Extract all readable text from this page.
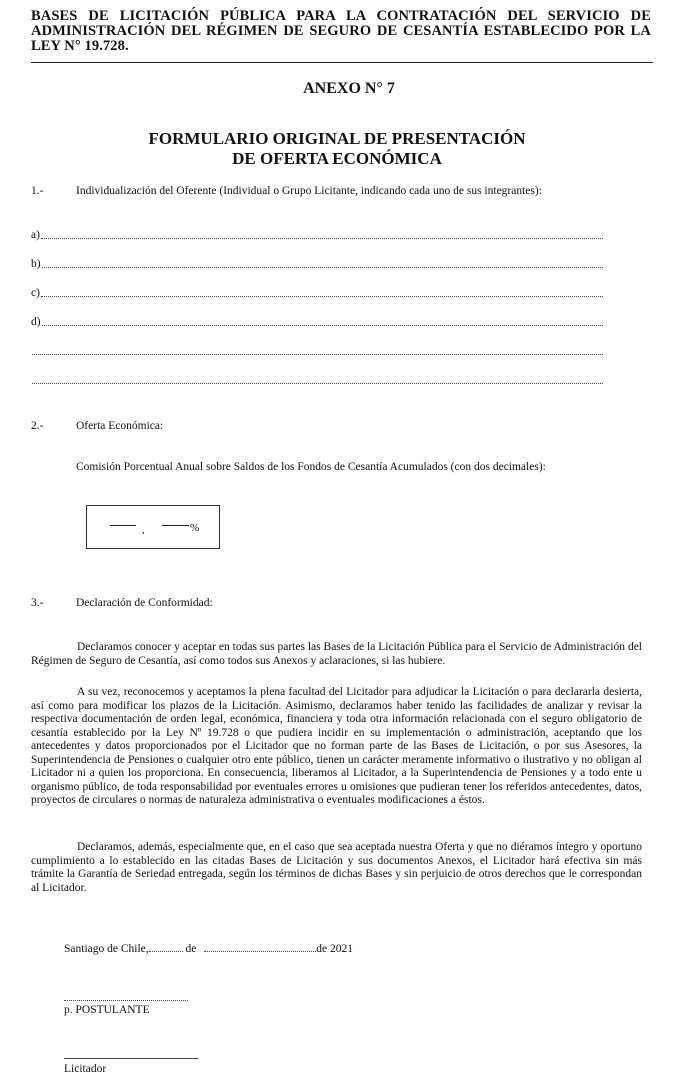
BASES DE LICITACIÓN PÚBLICA PARA LA CONTRATACIÓN DEL SERVICIO DE ADMINISTRACIÓN DEL RÉGIMEN DE SEGURO DE CESANTÍA ESTABLECIDO POR LA LEY N° 19.728.
ANEXO N° 7
FORMULARIO ORIGINAL DE PRESENTACIÓN
DE OFERTA ECONÓMICA
1.-	Individualización del Oferente (Individual o Grupo Licitante, indicando cada uno de sus integrantes):
a)
b)
c)
d)
2.-	Oferta Económica:
Comisión Porcentual Anual sobre Saldos de los Fondos de Cesantía Acumulados (con dos decimales):
,	%
3.-	Declaración de Conformidad:
Declaramos conocer y aceptar en todas sus partes las Bases de la Licitación Pública para el Servicio de Administración del Régimen de Seguro de Cesantía, así como todos sus Anexos y aclaraciones, si las hubiere.
A su vez, reconocemos y aceptamos la plena facultad del Licitador para adjudicar la Licitación o para declararla desierta, así como para modificar los plazos de la Licitación. Asimismo, declaramos haber tenido las facilidades de analizar y revisar la respectiva documentación de orden legal, económica, financiera y toda otra información relacionada con el seguro obligatorio de cesantía establecido por la Ley Nº 19.728 o que pudiera incidir en su implementación o administración, aceptando que los antecedentes y datos proporcionados por el Licitador que no forman parte de las Bases de Licitación, o por sus Asesores, la Superintendencia de Pensiones o cualquier otro ente público, tienen un carácter meramente informativo o ilustrativo y no obligan al Licitador ni a quien los proporciona. En consecuencia, liberamos al Licitador, a la Superintendencia de Pensiones y a todo ente u organismo público, de toda responsabilidad por eventuales errores u omisiones que pudieran tener los referidos antecedentes, datos, proyectos de circulares o normas de naturaleza administrativa o eventuales modificaciones a éstos.
Declaramos, además, especialmente que, en el caso que sea aceptada nuestra Oferta y que no diéramos íntegro y oportuno cumplimiento a lo establecido en las citadas Bases de Licitación y sus documentos Anexos, el Licitador hará efectiva sin más trámite la Garantía de Seriedad entregada, según los términos de dichas Bases y sin perjuicio de otros derechos que le correspondan al Licitador.
Santiago de Chile,	de	de 2021
p. POSTULANTE
Licitador
